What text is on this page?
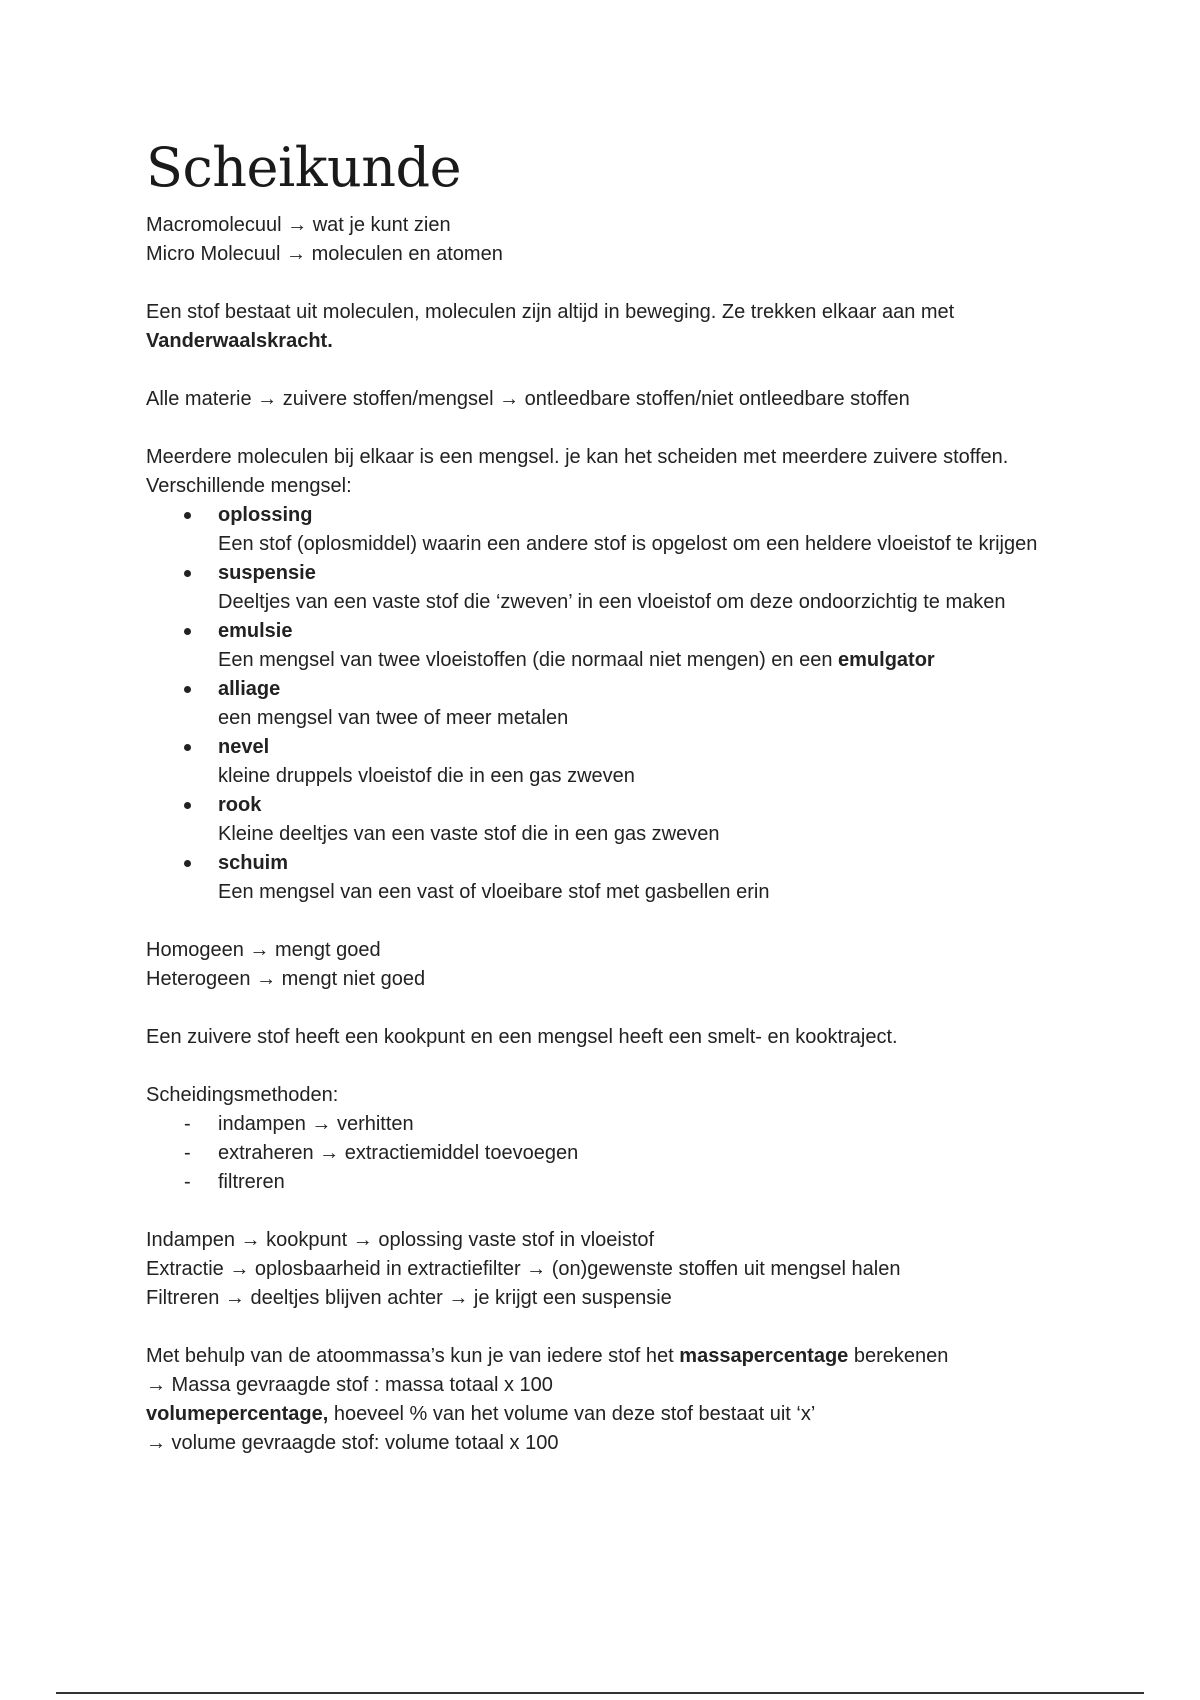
Scheikunde

Macromolecuul → wat je kunt zien

Micro Molecuul → moleculen en atomen

Een stof bestaat uit moleculen, moleculen zijn altijd in beweging. Ze trekken elkaar aan met
Vanderwaalskracht.

Alle materie → zuivere stoffen/mengsel → ontleedbare stoffen/niet ontleedbare stoffen

Meerdere moleculen bij elkaar is een mengsel. je kan het scheiden met meerdere zuivere stoffen. Verschillende mengsel:

oplossing
Een stof (oplosmiddel) waarin een andere stof is opgelost om een heldere vloeistof te krijgen
suspensie
Deeltjes van een vaste stof die ‘zweven’ in een vloeistof om deze ondoorzichtig te maken
emulsie
Een mengsel van twee vloeistoffen (die normaal niet mengen) en een emulgator
alliage
een mengsel van twee of meer metalen
nevel
kleine druppels vloeistof die in een gas zweven
rook
Kleine deeltjes van een vaste stof die in een gas zweven
schuim
Een mengsel van een vast of vloeibare stof met gasbellen erin

Homogeen → mengt goed

Heterogeen → mengt niet goed

Een zuivere stof heeft een kookpunt en een mengsel heeft een smelt- en kooktraject.

Scheidingsmethoden:

- indampen → verhitten
- extraheren → extractiemiddel toevoegen
- filtreren

Indampen → kookpunt → oplossing vaste stof in vloeistof

Extractie → oplosbaarheid in extractiefilter → (on)gewenste stoffen uit mengsel halen

Filtreren → deeltjes blijven achter → je krijgt een suspensie

Met behulp van de atoommassa’s kun je van iedere stof het massapercentage berekenen

→ Massa gevraagde stof : massa totaal x 100

volumepercentage, hoeveel % van het volume van deze stof bestaat uit ‘x’

→ volume gevraagde stof: volume totaal x 100
